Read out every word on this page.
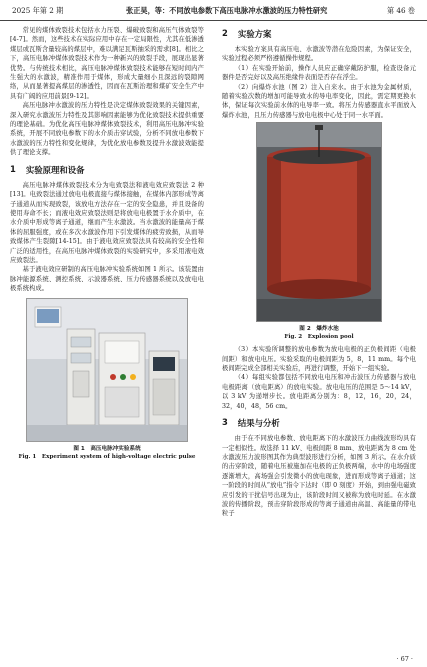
2025 年第 2 期	张正昊，等：不同放电参数下高压电脉冲水激波的压力特性研究	第 46 卷

常见的煤体致裂技术包括水力压裂、爆破致裂和高压气体致裂等[4-7]。然而，这些技术在实际应用中存在一定局限性，尤其在低渗透煤层或瓦斯含量较高的煤层中，难以满足瓦斯抽采的需求[8]。相比之下，高压电脉冲煤体致裂技术作为一种新兴的致裂手段，展现出显著优势。与传统技术相比，高压电脉冲煤体致裂技术能够在短时间内产生强大的水激波，精准作用于煤体，形成大量细小且深远的裂隙网络，从而显著提高煤层的渗透性，因而在瓦斯治理和煤矿安全生产中具有广阔的应用前景[9-12]。

高压电脉冲水激波的压力特性是决定煤体致裂效果的关键因素，深入研究水激波压力特性及其影响因素能够为优化致裂技术提供重要的理论基础。为优化高压电脉冲煤体致裂技术，利用高压电脉冲实验系统，开展不同放电参数下的水介质击穿试验，分析不同放电参数下水激波的压力特性和变化规律，为优化放电参数及提升水激波效能提供了理论支撑。

1 实验原理和设备

高压电脉冲煤体致裂技术分为电致裂法和液电效应致裂法 2 种[13]。电致裂法通过放电电极直接与煤体接触，在煤体内部形成等离子通道从而实现致裂，该放电方法存在一定的安全隐患，并且设备的使用寿命不长；而液电效应致裂法则是将放电电极置于水介质中，在水介质中形成等离子通道，继而产生水激波。当水激波的能量高于煤体的屈服强度，或在多次水激波作用下引发煤体的疲劳致损，从而导致煤体产生裂隙[14-15]。由于液电效应致裂法具有较高的安全性和广泛的适用性，在高压电脉冲煤体致裂的实验研究中，多采用液电效应致裂法。

基于液电效应研制的高压电脉冲实验系统如图 1 所示。该装置由脉冲能源系统、测控系统、示波器系统、压力传感器系统以及放电电极系统构成。

图 1　高压电脉冲实验系统
Fig. 1　Experiment system of high-voltage electric pulse
2 实验方案

本实验方案具有高压电、水激波等潜在危险因素，为保证安全，实验过程必须严格遵循操作规程。

（1）在实验开始前，操作人员应正确穿戴防护服，检查设备元器件是否完好以及高压绝缘件表面是否存在浮尘。

（2）向爆炸水池（图 2）注入自来水。由于水池为金属材质，随着实验次数的增加可能导致水的导电率变化，因此，需定期更换水体，保证每次实验前水体的电导率一致。将压力传感器直水平面放入爆炸水池，且压力传感器与放电电极中心处于同一水平面。

图 2　爆炸水池
Fig. 2　Explosion pool

（3）本实验所调整的放电参数为放电电极的正负极间距（电极间距）和放电电压。实验采取的电极间距为 5，8，11 mm。每个电极间距完成全部相关实验后，再进行调整，开始下一组实验。

（4）每组实验都包括不同放电电压和冲击波压力传感器与放电电极距离（放电距离）的放电实验。放电电压的范围是 5～14 kV，以 3 kV 为递增步长。放电距离分别为：8，12，16，20，24，32，40，48，56 cm。

3 结果与分析

由于在不同放电参数、放电距离下的水激波压力曲线波形均具有一定相似性。故选择 11 kV、电极间距 8 mm、放电距离为 8 cm 处水激波压力波形图其作为典型波形进行分析，如图 3 所示。在水介质的击穿阶段，随着电压被施加在电极的正负极两端，水中的电场强度逐渐增大，高场强会引发微小的放电现象，进而形成等离子通道；这一阶段的时间从“放电”指令下达时（即 0 刻度）开始，到由强电磁致应引发的干扰信号出现为止，该阶段时间又被称为放电时延。在水激波的传播阶段，预击穿阶段形成的等离子通道由高温、高能量的带电粒子

· 67 ·
